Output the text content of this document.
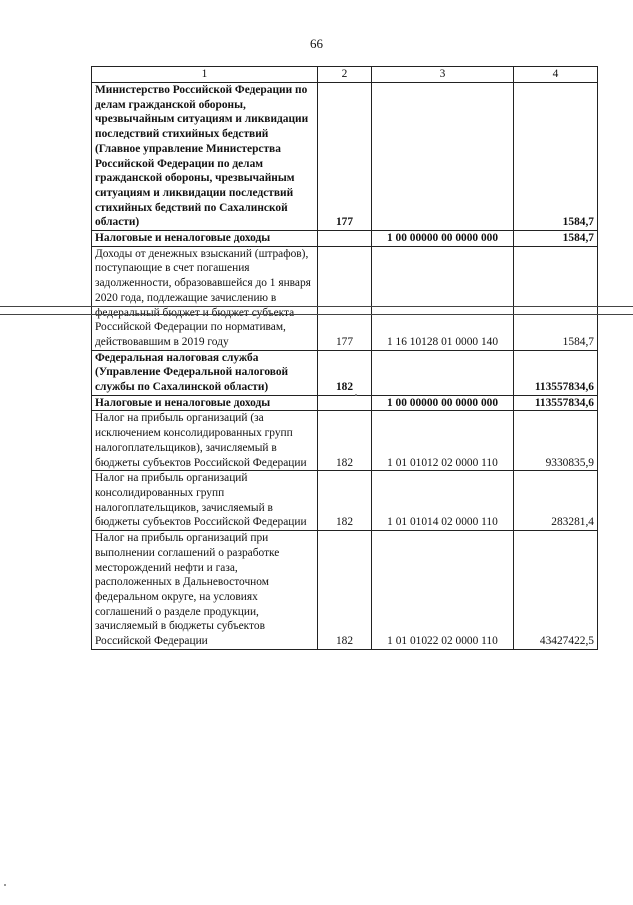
66
1	2	3	4
Министерство Российской Федерации по делам гражданской обороны, чрезвычайным ситуациям и ликвидации последствий стихийных бедствий (Главное управление Министерства Российской Федерации по делам гражданской обороны, чрезвычайным ситуациям и ликвидации последствий стихийных бедствий по Сахалинской области)	177		1584,7
Налоговые и неналоговые доходы		1 00 00000 00 0000 000	1584,7
Доходы от денежных взысканий (штрафов), поступающие в счет погашения задолженности, образовавшейся до 1 января 2020 года, подлежащие зачислению в федеральный бюджет и бюджет субъекта Российской Федерации по нормативам, действовавшим в 2019 году	177	1 16 10128 01 0000 140	1584,7
Федеральная налоговая служба (Управление Федеральной налоговой службы по Сахалинской области)	182		113557834,6
Налоговые и неналоговые доходы		1 00 00000 00 0000 000	113557834,6
Налог на прибыль организаций (за исключением консолидированных групп налогоплательщиков), зачисляемый в бюджеты субъектов Российской Федерации	182	1 01 01012 02 0000 110	9330835,9
Налог на прибыль организаций консолидированных групп налогоплательщиков, зачисляемый в бюджеты субъектов Российской Федерации	182	1 01 01014 02 0000 110	283281,4
Налог на прибыль организаций при выполнении соглашений о разработке месторождений нефти и газа, расположенных в Дальневосточном федеральном округе, на условиях соглашений о разделе продукции, зачисляемый в бюджеты субъектов Российской Федерации	182	1 01 01022 02 0000 110	43427422,5
